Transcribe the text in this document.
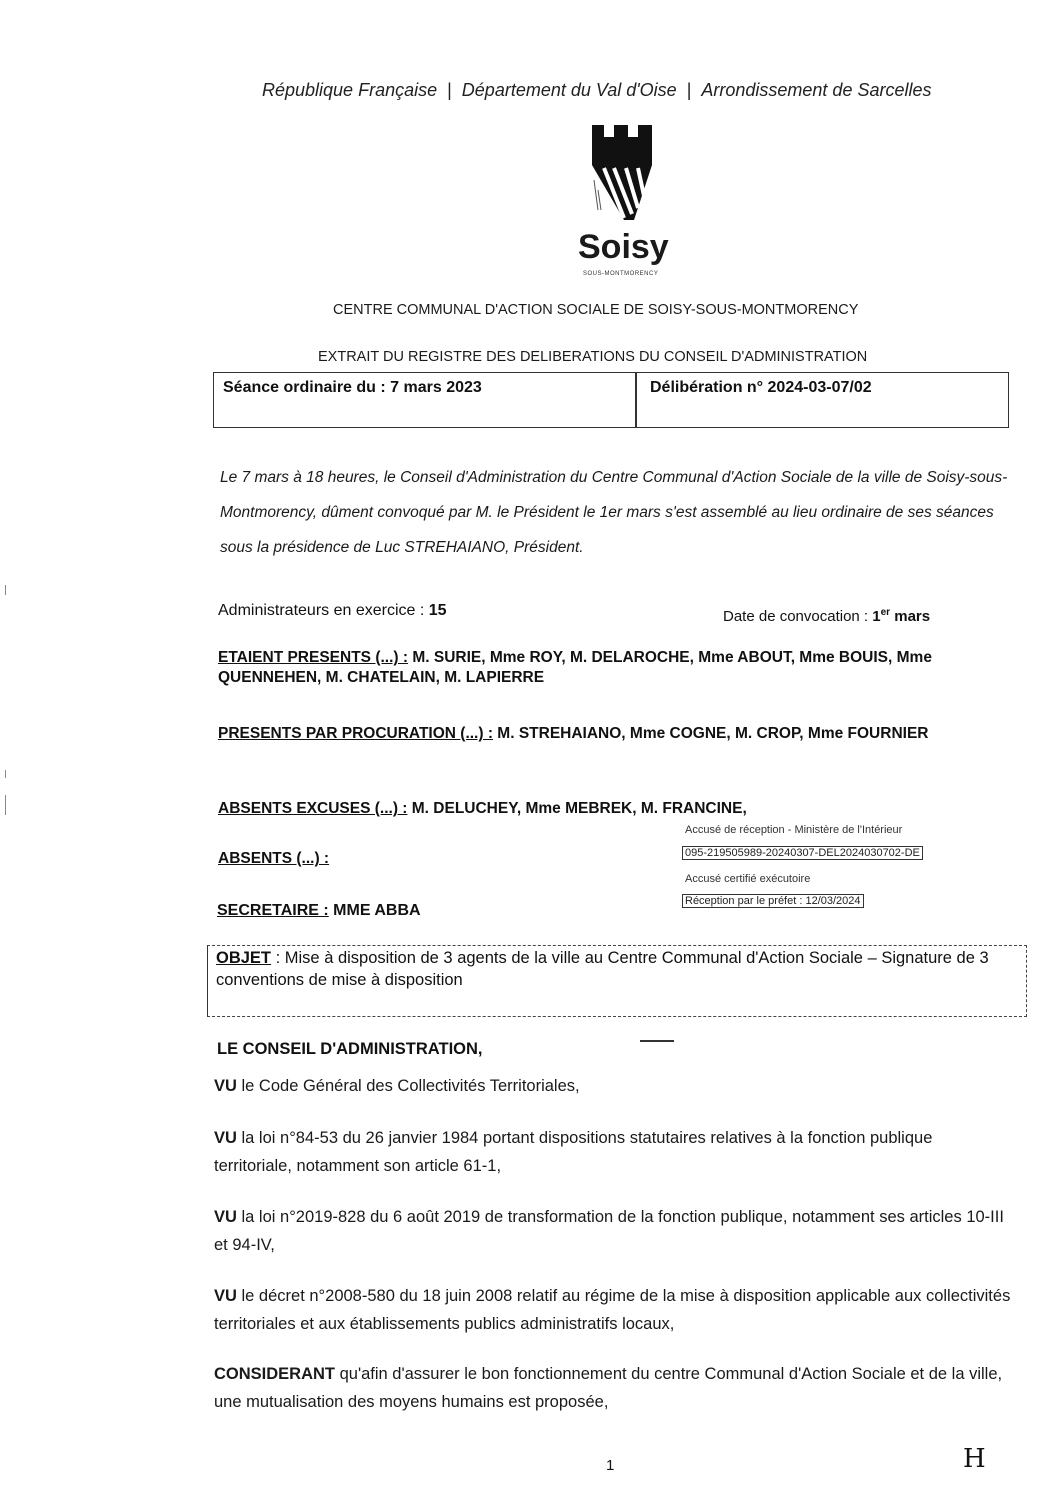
République Française | Département du Val d'Oise | Arrondissement de Sarcelles
Soisy
SOUS-MONTMORENCY
CENTRE COMMUNAL D'ACTION SOCIALE DE SOISY-SOUS-MONTMORENCY
EXTRAIT DU REGISTRE DES DELIBERATIONS DU CONSEIL D'ADMINISTRATION
Séance ordinaire du : 7 mars 2023	Délibération n° 2024-03-07/02
Le 7 mars à 18 heures, le Conseil d'Administration du Centre Communal d'Action Sociale de la ville de Soisy-sous-Montmorency, dûment convoqué par M. le Président le 1er mars s'est assemblé au lieu ordinaire de ses séances sous la présidence de Luc STREHAIANO, Président.
Administrateurs en exercice : 15	Date de convocation : 1er mars
ETAIENT PRESENTS (...) : M. SURIE, Mme ROY, M. DELAROCHE, Mme ABOUT, Mme BOUIS, Mme QUENNEHEN, M. CHATELAIN, M. LAPIERRE
PRESENTS PAR PROCURATION (...) : M. STREHAIANO, Mme COGNE, M. CROP, Mme FOURNIER
ABSENTS EXCUSES (...) : M. DELUCHEY, Mme MEBREK, M. FRANCINE,
ABSENTS (...) :
SECRETAIRE : MME ABBA
Accusé de réception - Ministère de l'Intérieur
095-219505989-20240307-DEL2024030702-DE
Accusé certifié exécutoire
Réception par le préfet : 12/03/2024
OBJET : Mise à disposition de 3 agents de la ville au Centre Communal d'Action Sociale – Signature de 3 conventions de mise à disposition
LE CONSEIL D'ADMINISTRATION,
VU le Code Général des Collectivités Territoriales,
VU la loi n°84-53 du 26 janvier 1984 portant dispositions statutaires relatives à la fonction publique territoriale, notamment son article 61-1,
VU la loi n°2019-828 du 6 août 2019 de transformation de la fonction publique, notamment ses articles 10-III et 94-IV,
VU le décret n°2008-580 du 18 juin 2008 relatif au régime de la mise à disposition applicable aux collectivités territoriales et aux établissements publics administratifs locaux,
CONSIDERANT qu'afin d'assurer le bon fonctionnement du centre Communal d'Action Sociale et de la ville, une mutualisation des moyens humains est proposée,
1	H
